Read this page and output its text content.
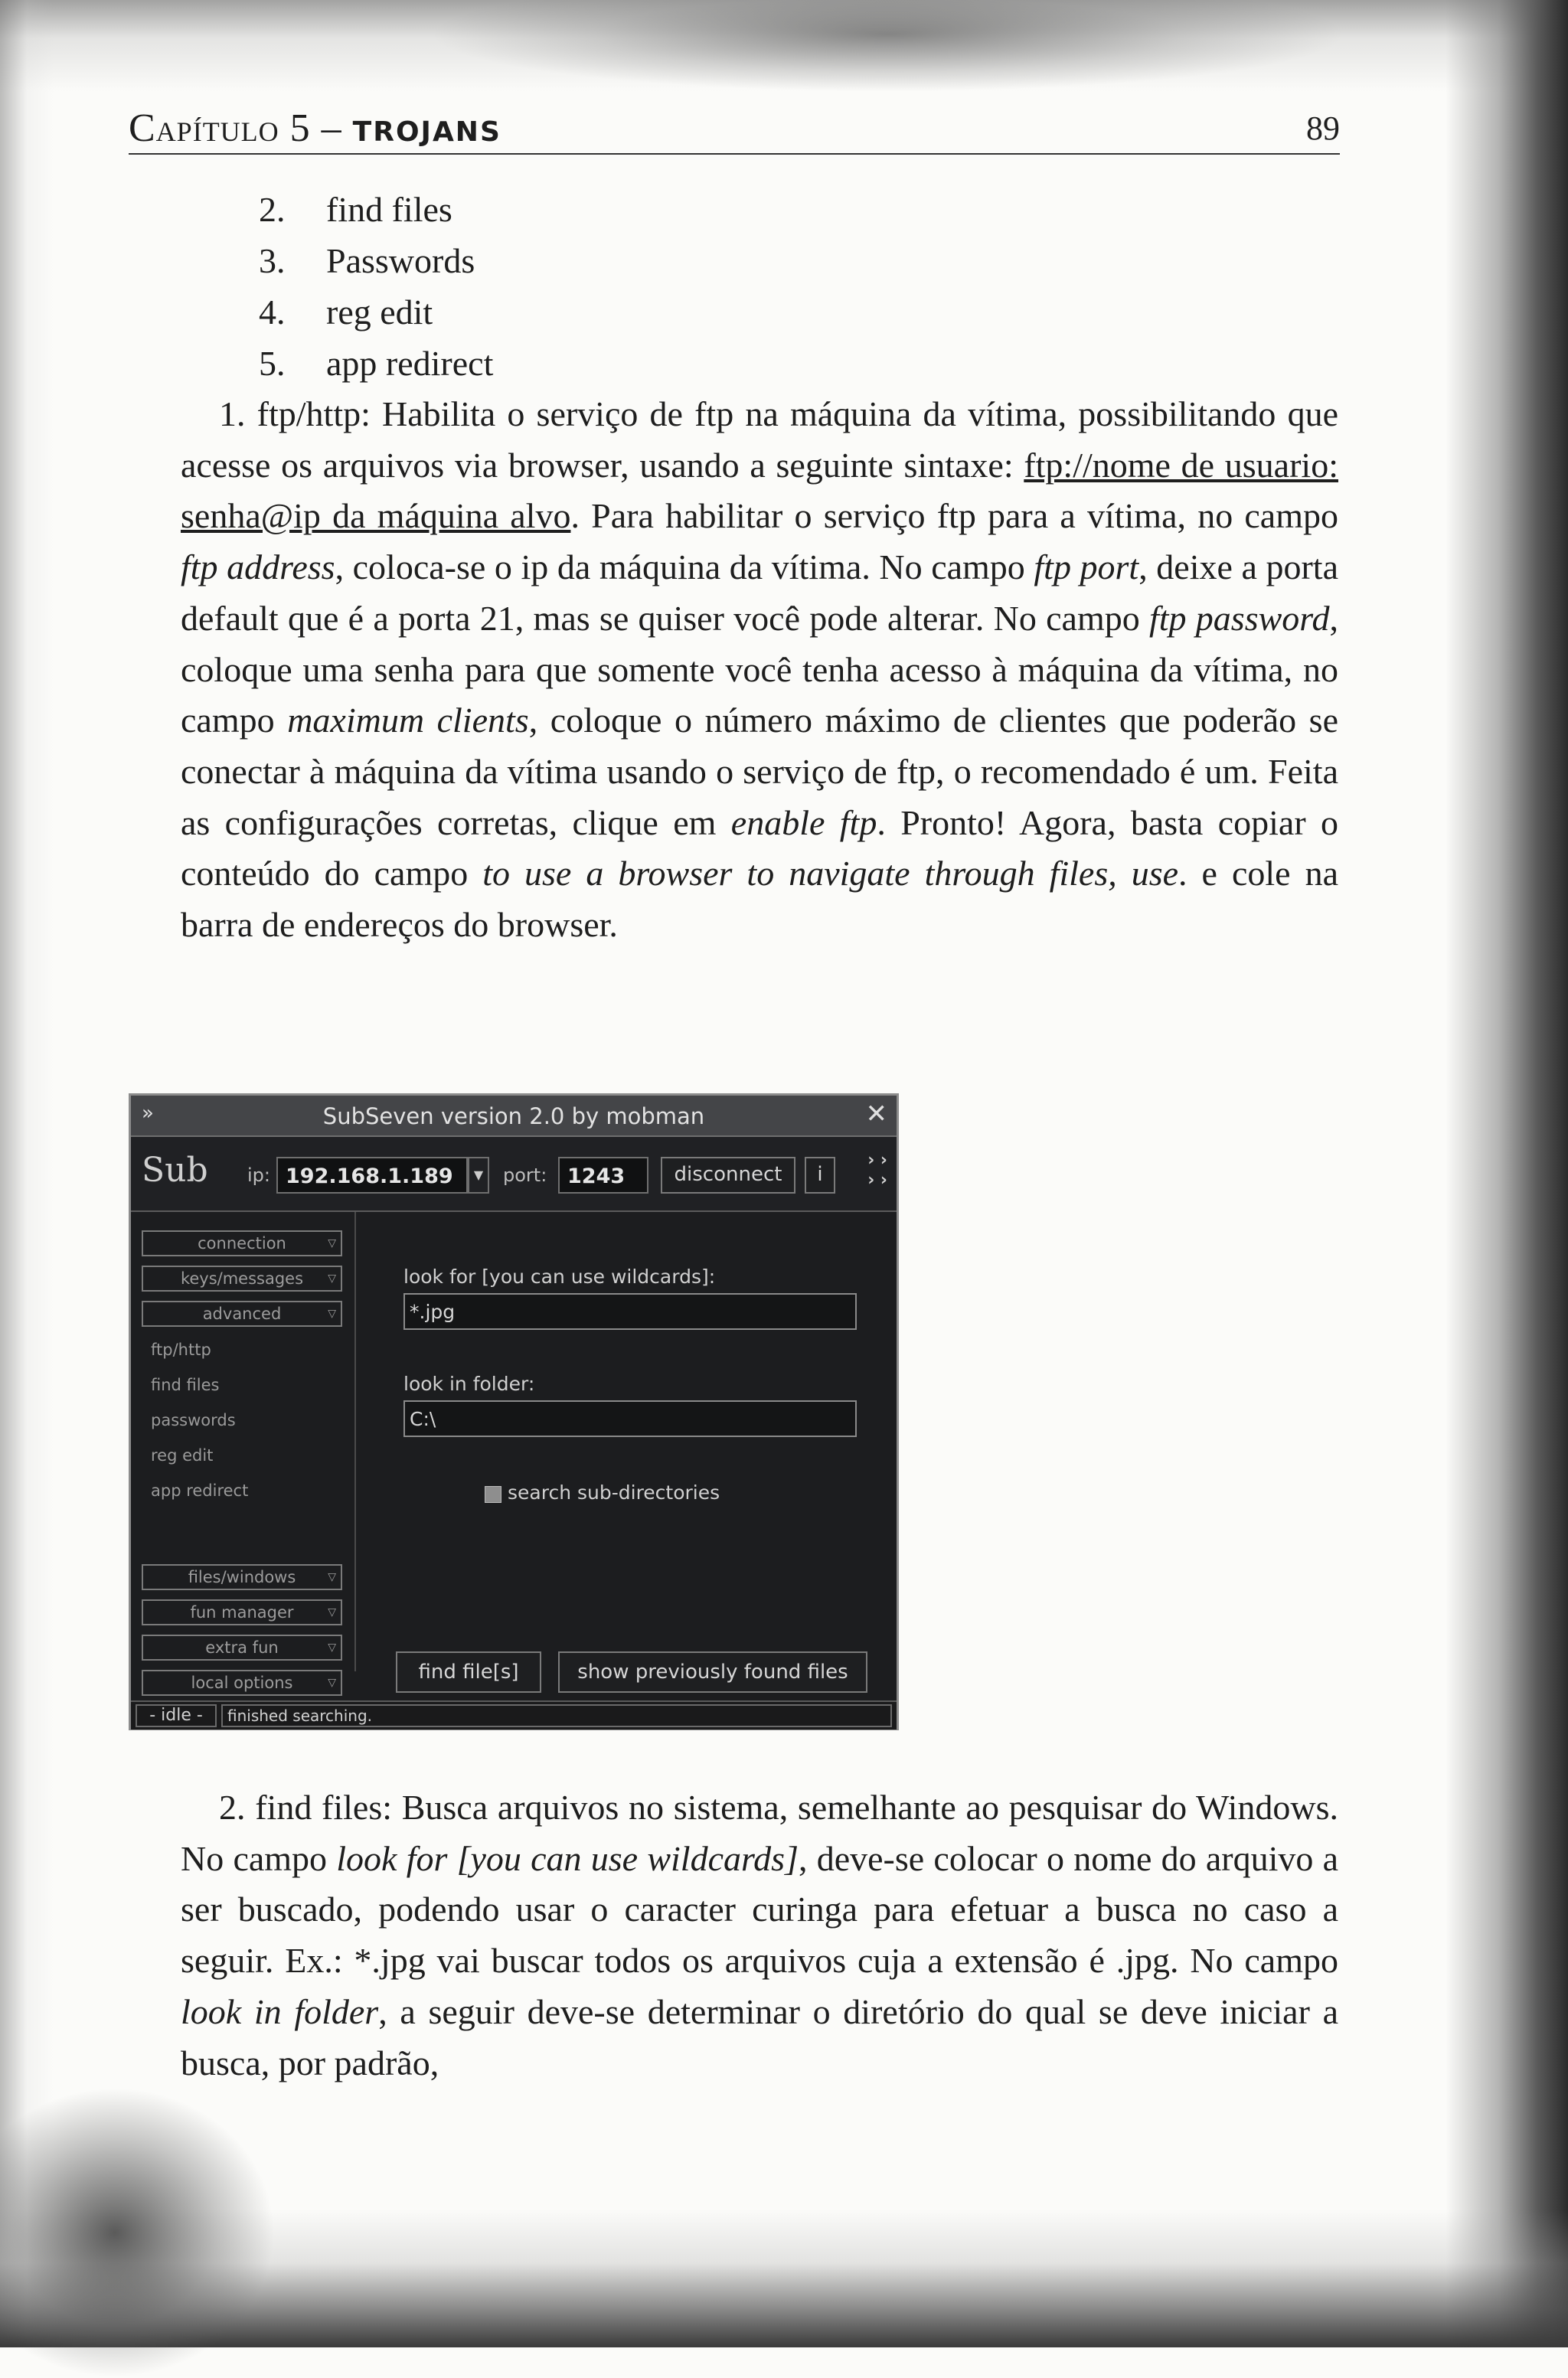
Capítulo 5 – TROJANS	89
2. find files
3. Passwords
4. reg edit
5. app redirect

1. ftp/http: Habilita o serviço de ftp na máquina da vítima, possibilitando que acesse os arquivos via browser, usando a seguinte sintaxe: ftp://nome de usuario: senha@ip da máquina alvo. Para habilitar o serviço ftp para a vítima, no campo ftp address, coloca-se o ip da máquina da vítima. No campo ftp port, deixe a porta default que é a porta 21, mas se quiser você pode alterar. No campo ftp password, coloque uma senha para que somente você tenha acesso à máquina da vítima, no campo maximum clients, coloque o número máximo de clientes que poderão se conectar à máquina da vítima usando o serviço de ftp, o recomendado é um. Feita as configurações corretas, clique em enable ftp. Pronto! Agora, basta copiar o conteúdo do campo to use a browser to navigate through files, use. e cole na barra de endereços do browser.

»	SubSeven version 2.0 by mobman	✕
Sub ip: 192.168.1.189	▼	port: 1243	disconnect	i
› ›
› ›
connection	▽
keys/messages ▽
advanced	▽
ftp/http
find files
passwords
reg edit
app redirect
files/windows	▽
fun manager	▽
extra fun	▽
local options	▽
look for [you can use wildcards]:
*.jpg
look in folder:
C:\
search sub-directories
find file[s]	show previously found files
- idle -	finished searching.

2. find files: Busca arquivos no sistema, semelhante ao pesquisar do Windows. No campo look for [you can use wildcards], deve-se colocar o nome do arquivo a ser buscado, podendo usar o caracter curinga para efetuar a busca no caso a seguir. Ex.: *.jpg vai buscar todos os arquivos cuja a extensão é .jpg. No campo look in folder, a seguir deve-se determinar o diretório do qual se deve iniciar a busca, por padrão,
